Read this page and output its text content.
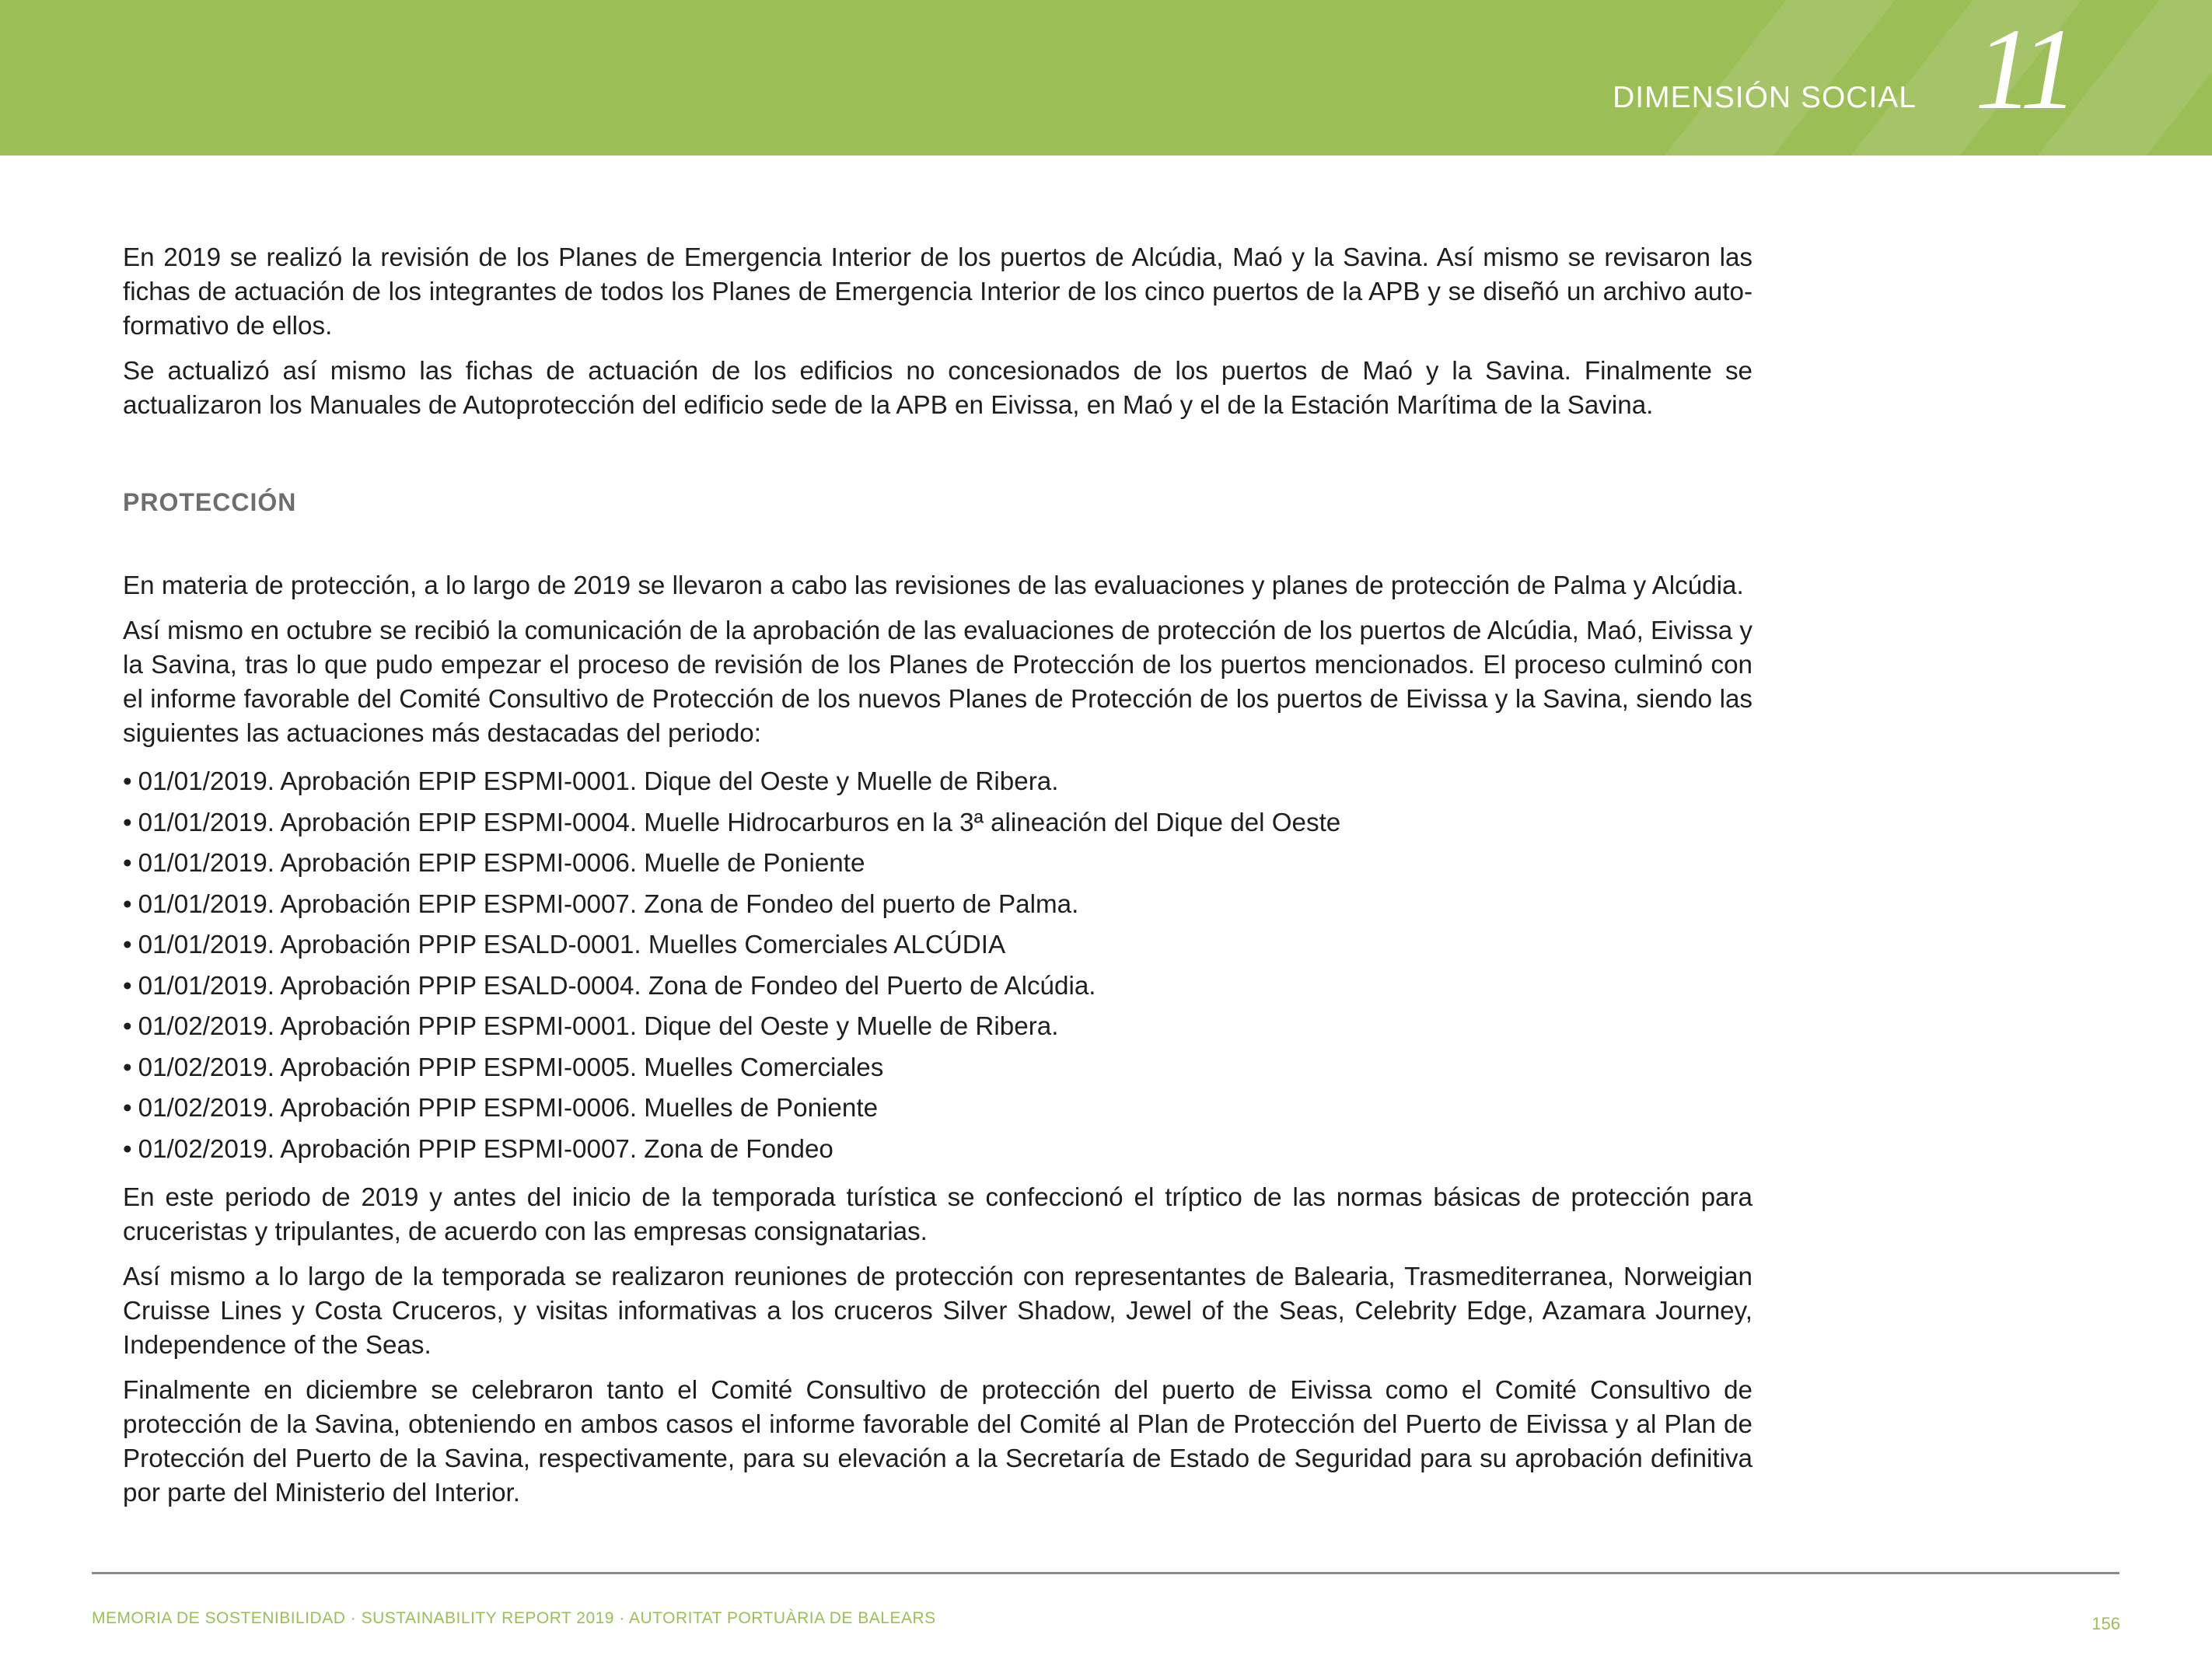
DIMENSIÓN SOCIAL 11

En 2019 se realizó la revisión de los Planes de Emergencia Interior de los puertos de Alcúdia, Maó y la Savina. Así mismo se revisaron las fichas de actuación de los integrantes de todos los Planes de Emergencia Interior de los cinco puertos de la APB y se diseñó un archivo auto-formativo de ellos.

Se actualizó así mismo las fichas de actuación de los edificios no concesionados de los puertos de Maó y la Savina. Finalmente se actualizaron los Manuales de Autoprotección del edificio sede de la APB en Eivissa, en Maó y el de la Estación Marítima de la Savina.

PROTECCIÓN

En materia de protección, a lo largo de 2019 se llevaron a cabo las revisiones de las evaluaciones y planes de protección de Palma y Alcúdia.

Así mismo en octubre se recibió la comunicación de la aprobación de las evaluaciones de protección de los puertos de Alcúdia, Maó, Eivissa y la Savina, tras lo que pudo empezar el proceso de revisión de los Planes de Protección de los puertos mencionados. El proceso culminó con el informe favorable del Comité Consultivo de Protección de los nuevos Planes de Protección de los puertos de Eivissa y la Savina, siendo las siguientes las actuaciones más destacadas del periodo:

• 01/01/2019. Aprobación EPIP ESPMI-0001. Dique del Oeste y Muelle de Ribera.
• 01/01/2019. Aprobación EPIP ESPMI-0004. Muelle Hidrocarburos en la 3ª alineación del Dique del Oeste
• 01/01/2019. Aprobación EPIP ESPMI-0006. Muelle de Poniente
• 01/01/2019. Aprobación EPIP ESPMI-0007. Zona de Fondeo del puerto de Palma.
• 01/01/2019. Aprobación PPIP ESALD-0001. Muelles Comerciales ALCÚDIA
• 01/01/2019. Aprobación PPIP ESALD-0004. Zona de Fondeo del Puerto de Alcúdia.
• 01/02/2019. Aprobación PPIP ESPMI-0001. Dique del Oeste y Muelle de Ribera.
• 01/02/2019. Aprobación PPIP ESPMI-0005. Muelles Comerciales
• 01/02/2019. Aprobación PPIP ESPMI-0006. Muelles de Poniente
• 01/02/2019. Aprobación PPIP ESPMI-0007. Zona de Fondeo

En este periodo de 2019 y antes del inicio de la temporada turística se confeccionó el tríptico de las normas básicas de protección para cruceristas y tripulantes, de acuerdo con las empresas consignatarias.

Así mismo a lo largo de la temporada se realizaron reuniones de protección con representantes de Balearia, Trasmediterranea, Norweigian Cruisse Lines y Costa Cruceros, y visitas informativas a los cruceros Silver Shadow, Jewel of the Seas, Celebrity Edge, Azamara Journey, Independence of the Seas.

Finalmente en diciembre se celebraron tanto el Comité Consultivo de protección del puerto de Eivissa como el Comité Consultivo de protección de la Savina, obteniendo en ambos casos el informe favorable del Comité al Plan de Protección del Puerto de Eivissa y al Plan de Protección del Puerto de la Savina, respectivamente, para su elevación a la Secretaría de Estado de Seguridad para su aprobación definitiva por parte del Ministerio del Interior.

MEMORIA DE SOSTENIBILIDAD · SUSTAINABILITY REPORT 2019 · AUTORITAT PORTUÀRIA DE BALEARS	156
